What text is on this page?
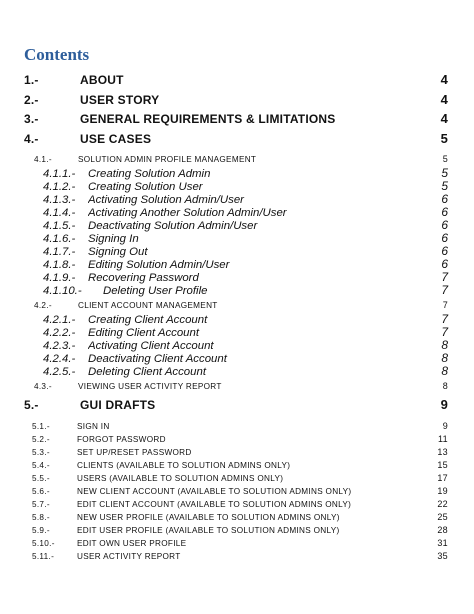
Contents
1.-	ABOUT	4
2.-	USER STORY	4
3.-	GENERAL REQUIREMENTS & LIMITATIONS	4
4.-	USE CASES	5
4.1.-	SOLUTION ADMIN PROFILE MANAGEMENT	5
4.1.1.-	Creating Solution Admin	5
4.1.2.-	Creating Solution User	5
4.1.3.-	Activating Solution Admin/User	6
4.1.4.-	Activating Another Solution Admin/User	6
4.1.5.-	Deactivating Solution Admin/User	6
4.1.6.-	Signing In	6
4.1.7.-	Signing Out	6
4.1.8.-	Editing Solution Admin/User	6
4.1.9.-	Recovering Password	7
4.1.10.-	Deleting User Profile	7
4.2.-	CLIENT ACCOUNT MANAGEMENT	7
4.2.1.-	Creating Client Account	7
4.2.2.-	Editing Client Account	7
4.2.3.-	Activating Client Account	8
4.2.4.-	Deactivating Client Account	8
4.2.5.-	Deleting Client Account	8
4.3.-	VIEWING USER ACTIVITY REPORT	8
5.-	GUI DRAFTS	9
5.1.-	SIGN IN	9
5.2.-	FORGOT PASSWORD	11
5.3.-	SET UP/RESET PASSWORD	13
5.4.-	CLIENTS (AVAILABLE TO SOLUTION ADMINS ONLY)	15
5.5.-	USERS (AVAILABLE TO SOLUTION ADMINS ONLY)	17
5.6.-	NEW CLIENT ACCOUNT (AVAILABLE TO SOLUTION ADMINS ONLY)	19
5.7.-	EDIT CLIENT ACCOUNT (AVAILABLE TO SOLUTION ADMINS ONLY)	22
5.8.-	NEW USER PROFILE (AVAILABLE TO SOLUTION ADMINS ONLY)	25
5.9.-	EDIT USER PROFILE (AVAILABLE TO SOLUTION ADMINS ONLY)	28
5.10.-	EDIT OWN USER PROFILE	31
5.11.-	USER ACTIVITY REPORT	35
